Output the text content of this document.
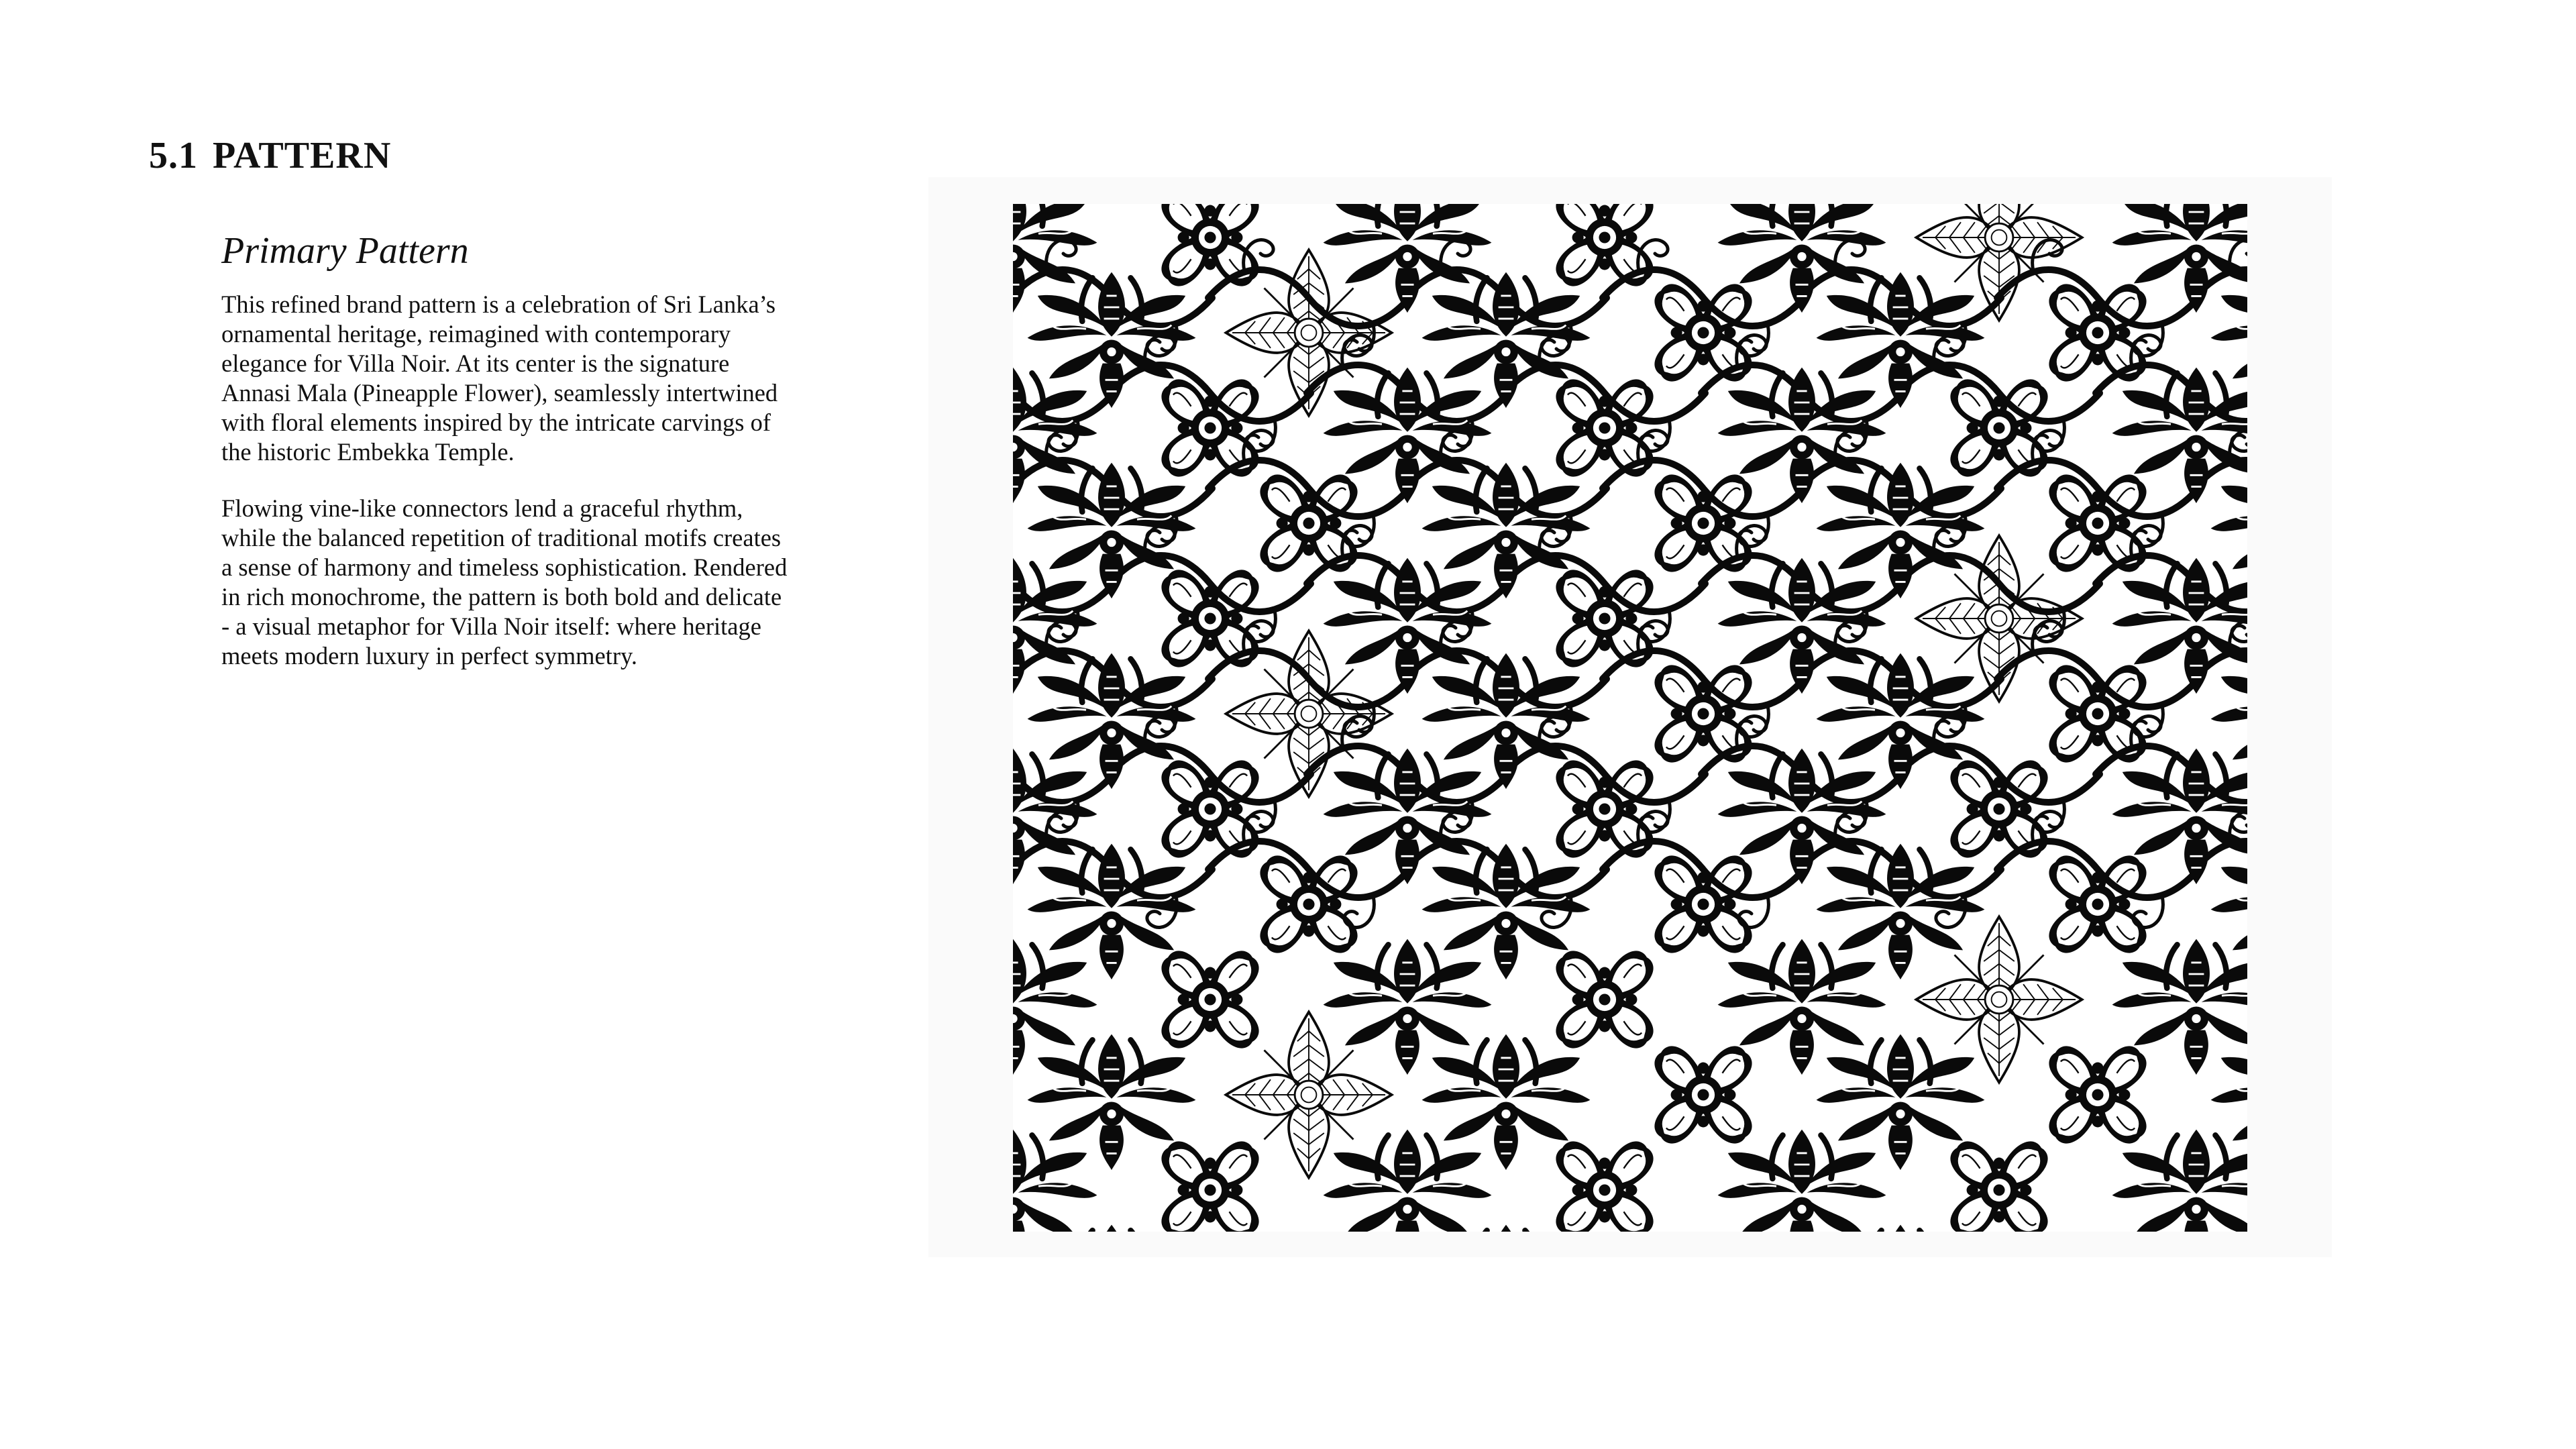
5.1 PATTERN
Primary Pattern

This refined brand pattern is a celebration of Sri Lanka’s
ornamental heritage, reimagined with contemporary
elegance for Villa Noir. At its center is the signature
Annasi Mala (Pineapple Flower), seamlessly intertwined
with floral elements inspired by the intricate carvings of
the historic Embekka Temple.

Flowing vine-like connectors lend a graceful rhythm,
while the balanced repetition of traditional motifs creates
a sense of harmony and timeless sophistication. Rendered
in rich monochrome, the pattern is both bold and delicate
- a visual metaphor for Villa Noir itself: where heritage
meets modern luxury in perfect symmetry.
